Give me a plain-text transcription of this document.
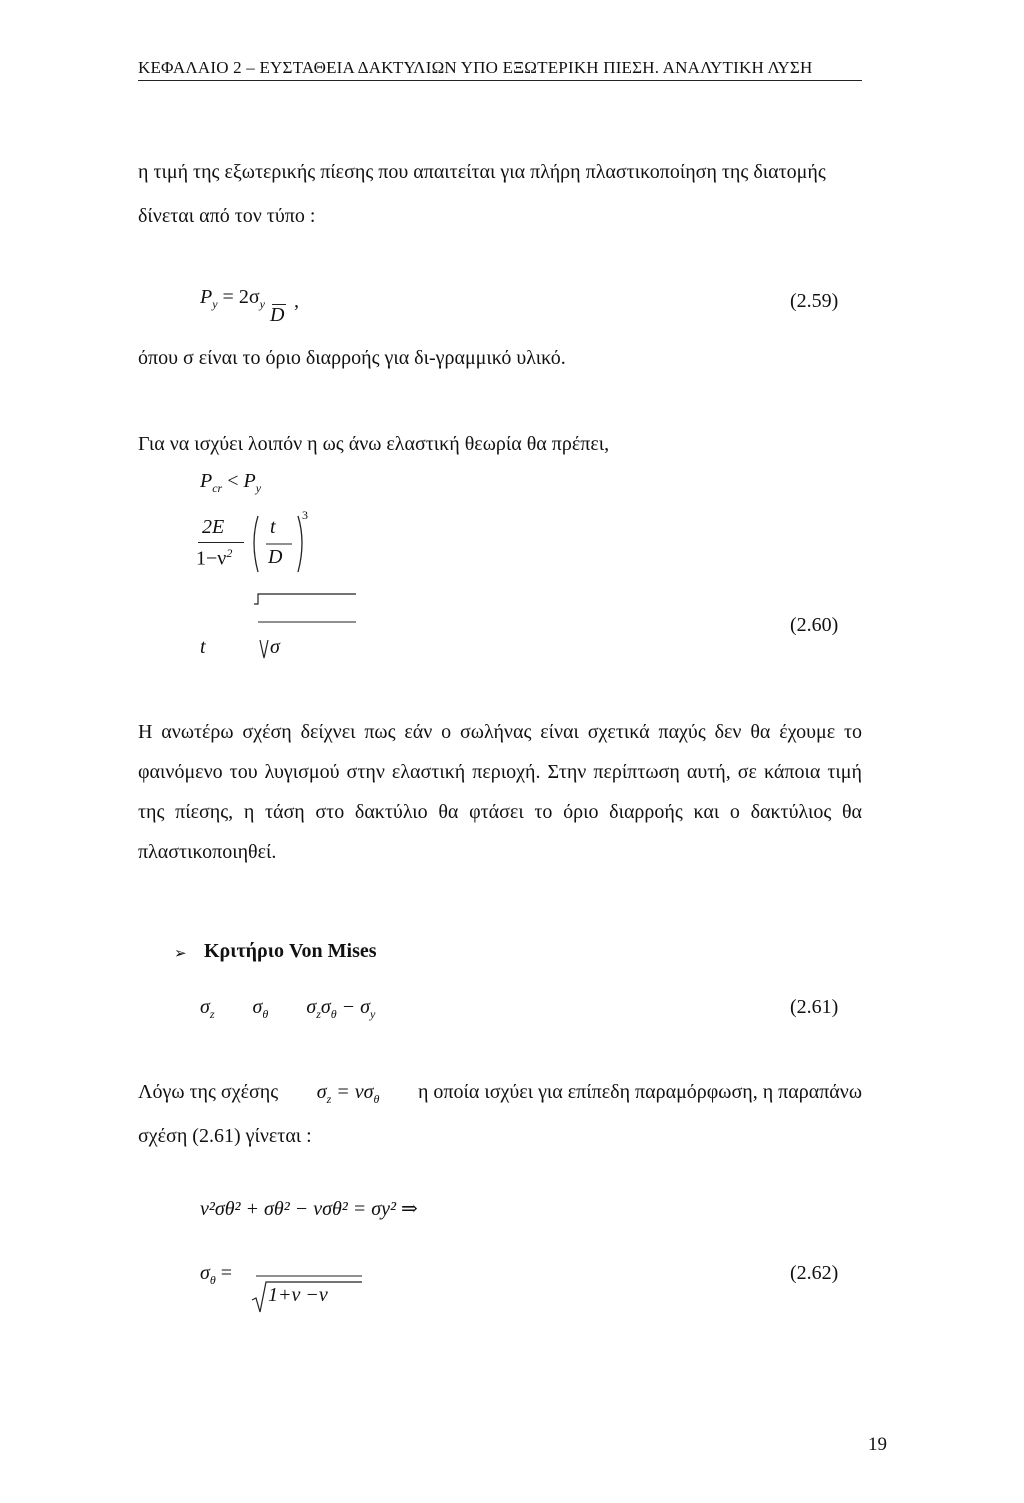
ΚΕΦΑΛΑΙΟ 2 – ΕΥΣΤΑΘΕΙΑ ΔΑΚΤΥΛΙΩΝ ΥΠΟ ΕΞΩΤΕΡΙΚΗ ΠΙΕΣΗ. ΑΝΑΛΥΤΙΚΗ ΛΥΣΗ
η τιμή της εξωτερικής πίεσης που απαιτείται για πλήρη πλαστικοποίηση της διατομής
δίνεται από τον τύπο :
$P_y = 2\sigma_y$ D
,	(2.59)
όπου σ είναι το όριο διαρροής για δι-γραμμικό υλικό.
Για να ισχύει λοιπόν η ως άνω ελαστική θεωρία θα πρέπει,
$P_{cr} < P_y$
2E
$1-\nu^2$
t
D
3
t	σ
(2.60)
Η ανωτέρω σχέση δείχνει πως εάν ο σωλήνας είναι σχετικά παχύς δεν θα έχουμε το φαινόμενο του λυγισμού στην ελαστική περιοχή. Στην περίπτωση αυτή, σε κάποια τιμή της πίεσης, η τάση στο δακτύλιο θα φτάσει το όριο διαρροής και ο δακτύλιος θα πλαστικοποιηθεί.
➢ Κριτήριο Von Mises
$\sigma_z$ $\sigma_\theta$ $\sigma_z\sigma_\theta - \sigma_y$	(2.61)
Λόγω της σχέσης $\sigma_z = \nu\sigma_\theta$ η οποία ισχύει για επίπεδη παραμόρφωση, η παραπάνω
σχέση (2.61) γίνεται :
ν²σθ² + σθ² − νσθ² = σy² ⇒
$\sigma_\theta$ =
1+ν −ν
(2.62)
19
